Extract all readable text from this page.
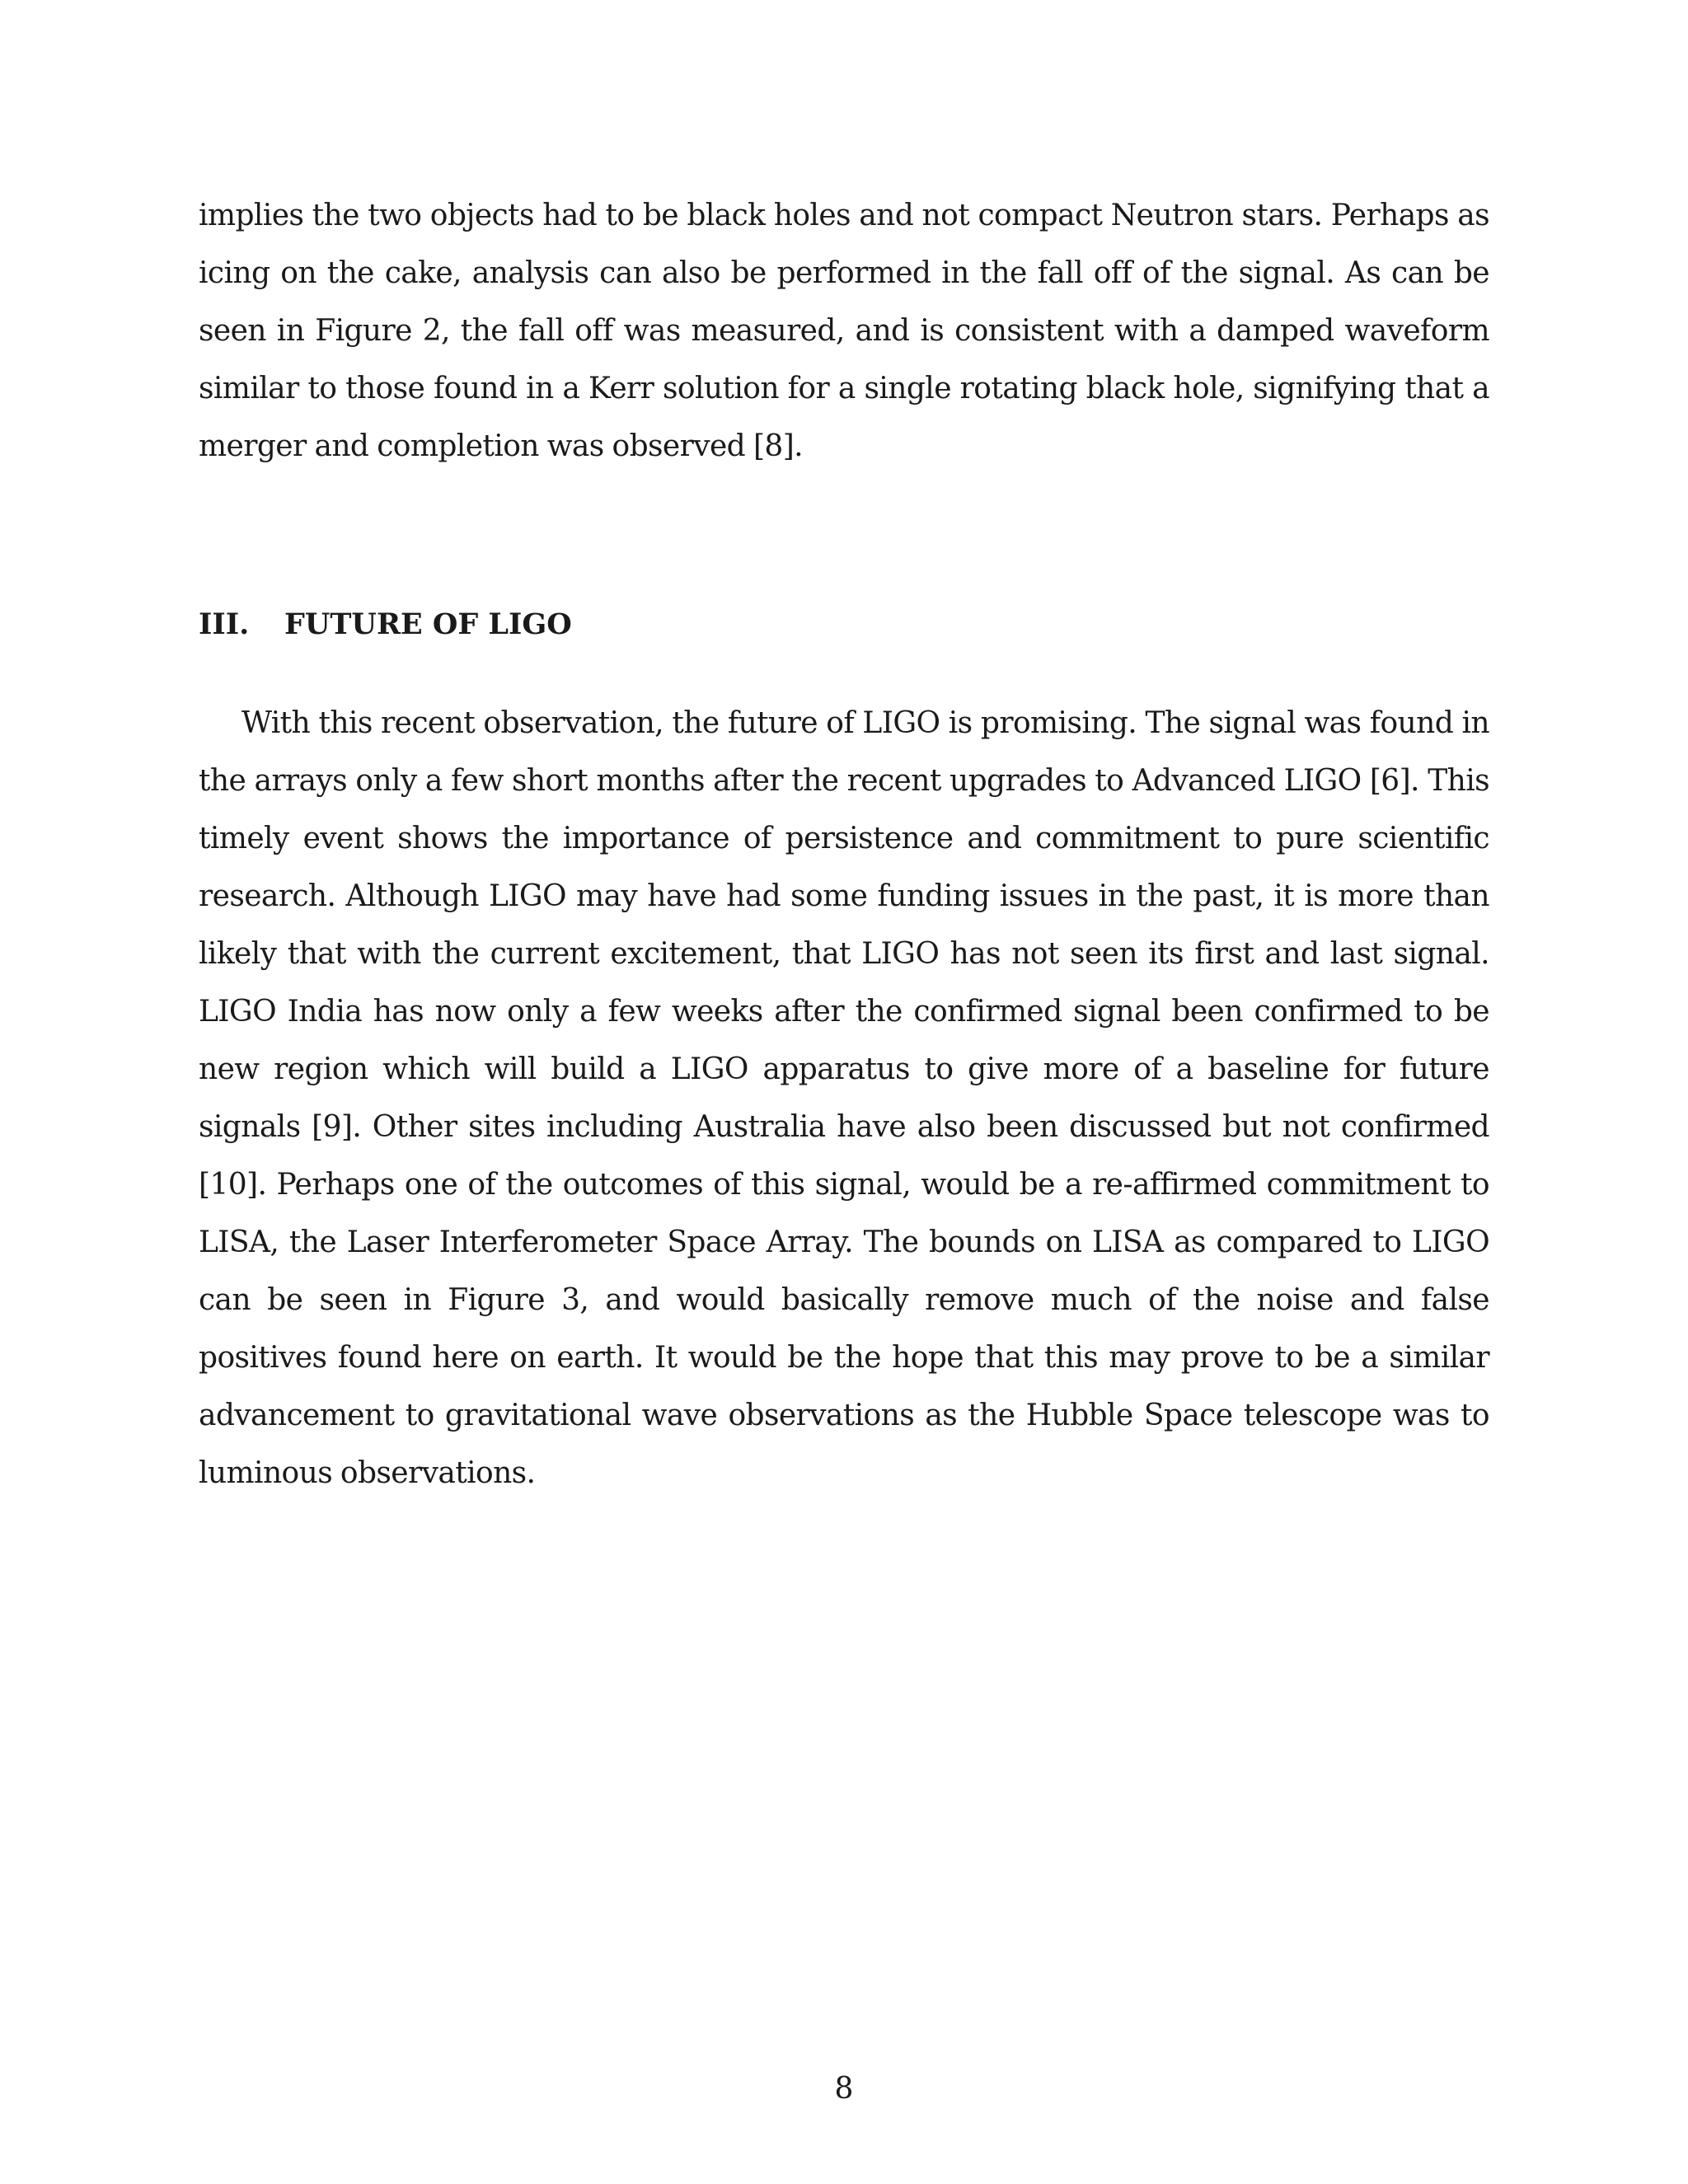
implies the two objects had to be black holes and not compact Neutron stars. Perhaps as icing on the cake, analysis can also be performed in the fall off of the signal. As can be seen in Figure 2, the fall off was measured, and is consistent with a damped waveform similar to those found in a Kerr solution for a single rotating black hole, signifying that a merger and completion was observed [8].

III. FUTURE OF LIGO

With this recent observation, the future of LIGO is promising. The signal was found in the arrays only a few short months after the recent upgrades to Advanced LIGO [6]. This timely event shows the importance of persistence and commitment to pure scientific research. Although LIGO may have had some funding issues in the past, it is more than likely that with the current excitement, that LIGO has not seen its first and last signal. LIGO India has now only a few weeks after the confirmed signal been confirmed to be new region which will build a LIGO apparatus to give more of a baseline for future signals [9]. Other sites including Australia have also been discussed but not confirmed [10]. Perhaps one of the outcomes of this signal, would be a re-affirmed commitment to LISA, the Laser Interferometer Space Array. The bounds on LISA as compared to LIGO can be seen in Figure 3, and would basically remove much of the noise and false positives found here on earth. It would be the hope that this may prove to be a similar advancement to gravitational wave observations as the Hubble Space telescope was to luminous observations.

8
